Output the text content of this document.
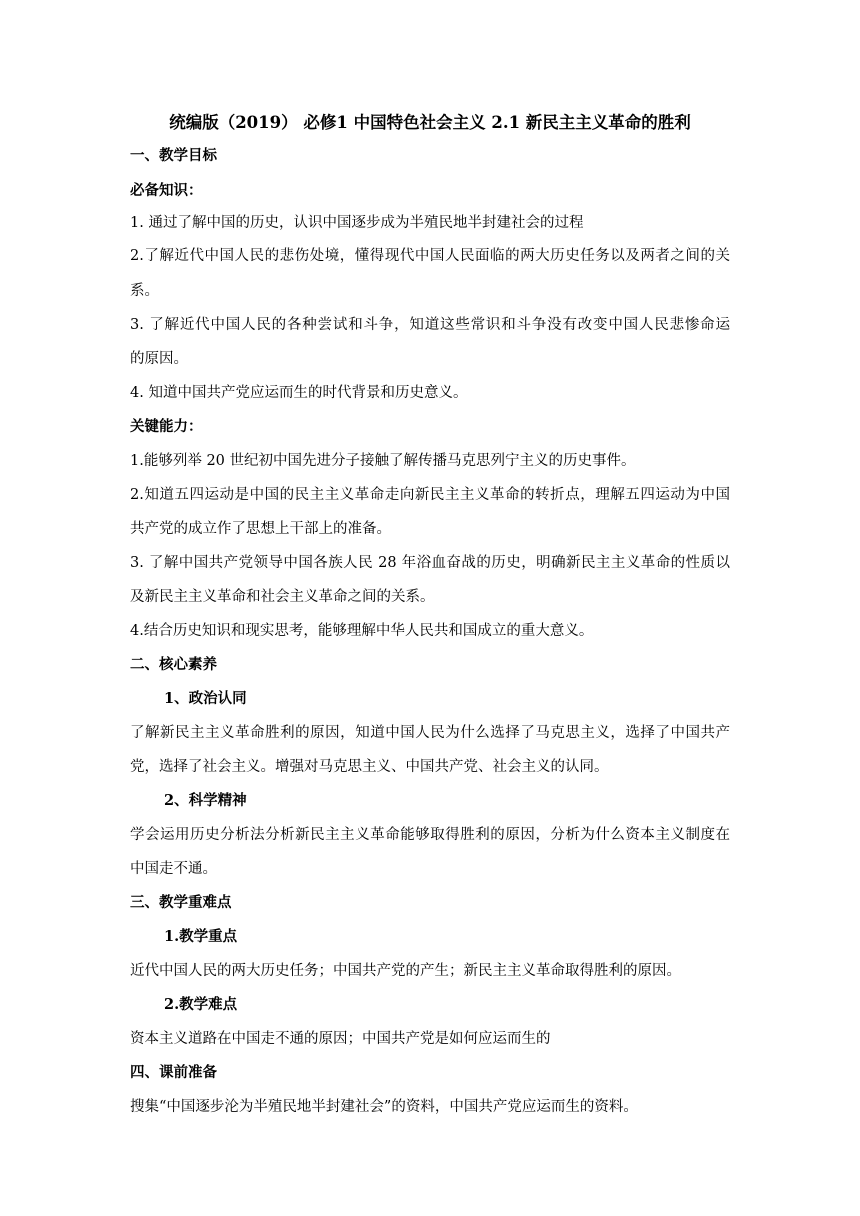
统编版（2019） 必修1 中国特色社会主义 2.1 新民主主义革命的胜利
一、教学目标
必备知识：
1. 通过了解中国的历史，认识中国逐步成为半殖民地半封建社会的过程
2.了解近代中国人民的悲伤处境，懂得现代中国人民面临的两大历史任务以及两者之间的关
系。
3. 了解近代中国人民的各种尝试和斗争，知道这些常识和斗争没有改变中国人民悲惨命运
的原因。
4. 知道中国共产党应运而生的时代背景和历史意义。
关键能力：
1.能够列举 20 世纪初中国先进分子接触了解传播马克思列宁主义的历史事件。
2.知道五四运动是中国的民主主义革命走向新民主主义革命的转折点，理解五四运动为中国
共产党的成立作了思想上干部上的准备。
3. 了解中国共产党领导中国各族人民 28 年浴血奋战的历史，明确新民主主义革命的性质以
及新民主主义革命和社会主义革命之间的关系。
4.结合历史知识和现实思考，能够理解中华人民共和国成立的重大意义。
二、核心素养
1、政治认同
了解新民主主义革命胜利的原因，知道中国人民为什么选择了马克思主义，选择了中国共产
党，选择了社会主义。增强对马克思主义、中国共产党、社会主义的认同。
2、科学精神
学会运用历史分析法分析新民主主义革命能够取得胜利的原因，分析为什么资本主义制度在
中国走不通。
三、教学重难点
1.教学重点
近代中国人民的两大历史任务；中国共产党的产生；新民主主义革命取得胜利的原因。
2.教学难点
资本主义道路在中国走不通的原因；中国共产党是如何应运而生的
四、课前准备
搜集“中国逐步沦为半殖民地半封建社会”的资料，中国共产党应运而生的资料。
